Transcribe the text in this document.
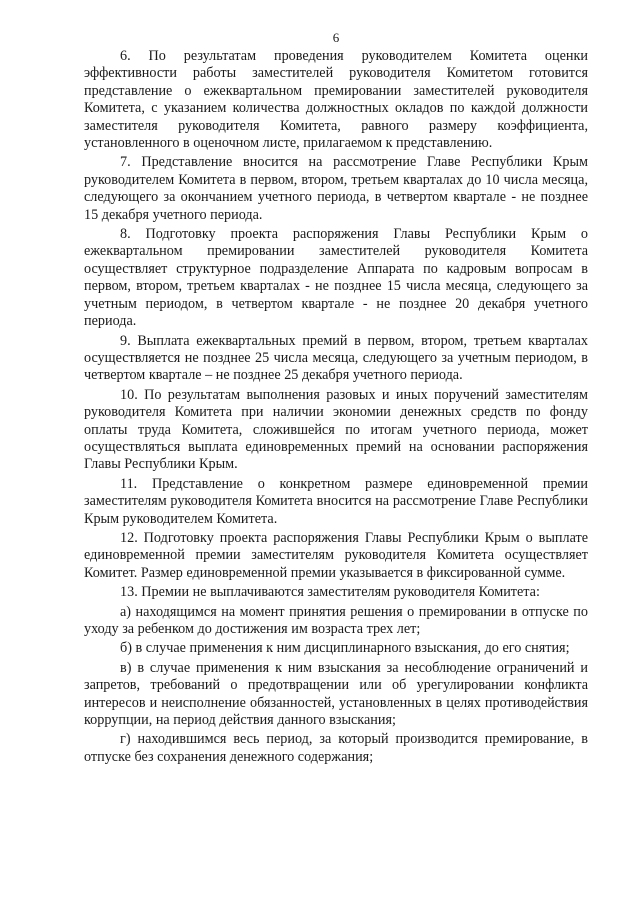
6

6. По результатам проведения руководителем Комитета оценки эффективности работы заместителей руководителя Комитетом готовится представление о ежеквартальном премировании заместителей руководителя Комитета, с указанием количества должностных окладов по каждой должности заместителя руководителя Комитета, равного размеру коэффициента, установленного в оценочном листе, прилагаемом к представлению.

7. Представление вносится на рассмотрение Главе Республики Крым руководителем Комитета в первом, втором, третьем кварталах до 10 числа месяца, следующего за окончанием учетного периода, в четвертом квартале - не позднее 15 декабря учетного периода.

8. Подготовку проекта распоряжения Главы Республики Крым о ежеквартальном премировании заместителей руководителя Комитета осуществляет структурное подразделение Аппарата по кадровым вопросам в первом, втором, третьем кварталах - не позднее 15 числа месяца, следующего за учетным периодом, в четвертом квартале - не позднее 20 декабря учетного периода.

9. Выплата ежеквартальных премий в первом, втором, третьем кварталах осуществляется не позднее 25 числа месяца, следующего за учетным периодом, в четвертом квартале – не позднее 25 декабря учетного периода.

10. По результатам выполнения разовых и иных поручений заместителям руководителя Комитета при наличии экономии денежных средств по фонду оплаты труда Комитета, сложившейся по итогам учетного периода, может осуществляться выплата единовременных премий на основании распоряжения Главы Республики Крым.

11. Представление о конкретном размере единовременной премии заместителям руководителя Комитета вносится на рассмотрение Главе Республики Крым руководителем Комитета.

12. Подготовку проекта распоряжения Главы Республики Крым о выплате единовременной премии заместителям руководителя Комитета осуществляет Комитет. Размер единовременной премии указывается в фиксированной сумме.

13. Премии не выплачиваются заместителям руководителя Комитета:

а) находящимся на момент принятия решения о премировании в отпуске по уходу за ребенком до достижения им возраста трех лет;

б) в случае применения к ним дисциплинарного взыскания, до его снятия;

в) в случае применения к ним взыскания за несоблюдение ограничений и запретов, требований о предотвращении или об урегулировании конфликта интересов и неисполнение обязанностей, установленных в целях противодействия коррупции, на период действия данного взыскания;

г) находившимся весь период, за который производится премирование, в отпуске без сохранения денежного содержания;
